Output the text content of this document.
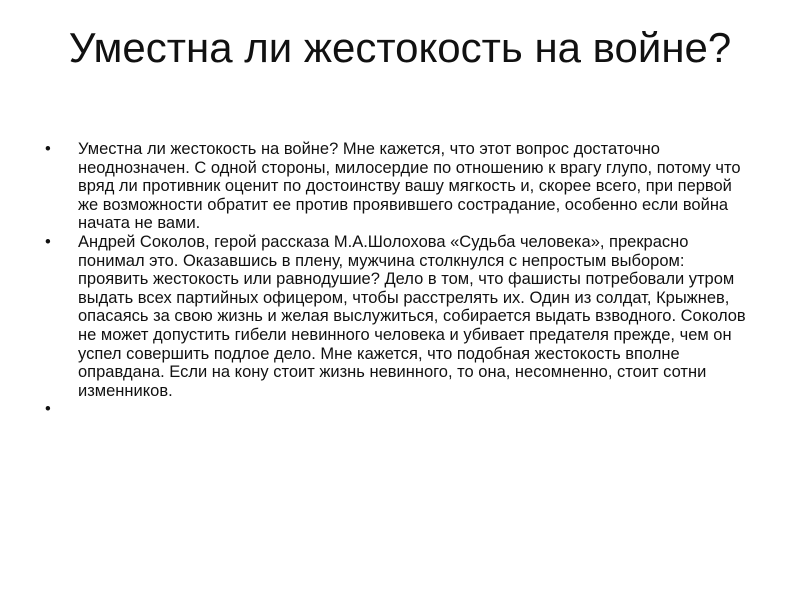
Уместна ли жестокость на войне?
•	Уместна ли жестокость на войне? Мне кажется, что этот вопрос достаточно неоднозначен. С одной стороны, милосердие по отношению к врагу глупо, потому что вряд ли противник оценит по достоинству вашу мягкость и, скорее всего, при первой же возможности обратит ее против проявившего сострадание, особенно если война начата не вами.
•	Андрей Соколов, герой рассказа М.А.Шолохова «Судьба человека», прекрасно понимал это. Оказавшись в плену, мужчина столкнулся с непростым выбором: проявить жестокость или равнодушие? Дело в том, что фашисты потребовали утром выдать всех партийных офицером, чтобы расстрелять их. Один из солдат, Крыжнев, опасаясь за свою жизнь и желая выслужиться, собирается выдать взводного. Соколов не может допустить гибели невинного человека и убивает предателя прежде, чем он успел совершить подлое дело. Мне кажется, что подобная жестокость вполне оправдана. Если на кону стоит жизнь невинного, то она, несомненно, стоит сотни изменников.
•
